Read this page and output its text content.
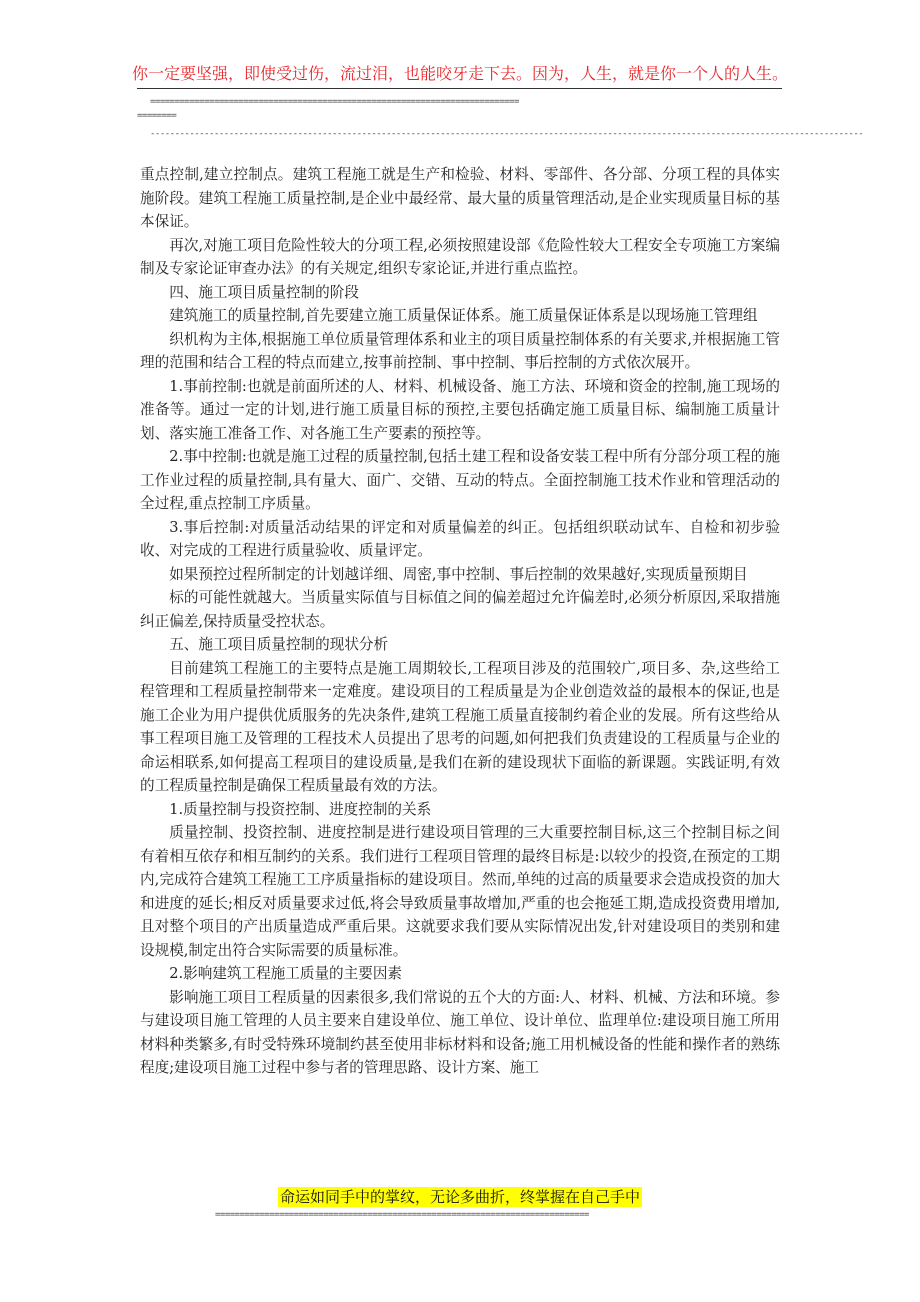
你一定要坚强，即使受过伤，流过泪，也能咬牙走下去。因为，人生，就是你一个人的人生。
===========================================================================
========
-------------------------------------------------------------------------------------------------------------------------------------------------

重点控制,建立控制点。建筑工程施工就是生产和检验、材料、零部件、各分部、分项工程的具体实施阶段。建筑工程施工质量控制,是企业中最经常、最大量的质量管理活动,是企业实现质量目标的基本保证。

再次,对施工项目危险性较大的分项工程,必须按照建设部《危险性较大工程安全专项施工方案编制及专家论证审查办法》的有关规定,组织专家论证,并进行重点监控。

四、施工项目质量控制的阶段

建筑施工的质量控制,首先要建立施工质量保证体系。施工质量保证体系是以现场施工管理组

织机构为主体,根据施工单位质量管理体系和业主的项目质量控制体系的有关要求,并根据施工管理的范围和结合工程的特点而建立,按事前控制、事中控制、事后控制的方式依次展开。

1.事前控制:也就是前面所述的人、材料、机械设备、施工方法、环境和资金的控制,施工现场的准备等。通过一定的计划,进行施工质量目标的预控,主要包括确定施工质量目标、编制施工质量计划、落实施工准备工作、对各施工生产要素的预控等。

2.事中控制:也就是施工过程的质量控制,包括土建工程和设备安装工程中所有分部分项工程的施工作业过程的质量控制,具有量大、面广、交错、互动的特点。全面控制施工技术作业和管理活动的全过程,重点控制工序质量。

3.事后控制:对质量活动结果的评定和对质量偏差的纠正。包括组织联动试车、自检和初步验收、对完成的工程进行质量验收、质量评定。

如果预控过程所制定的计划越详细、周密,事中控制、事后控制的效果越好,实现质量预期目

标的可能性就越大。当质量实际值与目标值之间的偏差超过允许偏差时,必须分析原因,采取措施纠正偏差,保持质量受控状态。

五、施工项目质量控制的现状分析

目前建筑工程施工的主要特点是施工周期较长,工程项目涉及的范围较广,项目多、杂,这些给工程管理和工程质量控制带来一定难度。建设项目的工程质量是为企业创造效益的最根本的保证,也是施工企业为用户提供优质服务的先决条件,建筑工程施工质量直接制约着企业的发展。所有这些给从事工程项目施工及管理的工程技术人员提出了思考的问题,如何把我们负责建设的工程质量与企业的命运相联系,如何提高工程项目的建设质量,是我们在新的建设现状下面临的新课题。实践证明,有效的工程质量控制是确保工程质量最有效的方法。

1.质量控制与投资控制、进度控制的关系

质量控制、投资控制、进度控制是进行建设项目管理的三大重要控制目标,这三个控制目标之间有着相互依存和相互制约的关系。我们进行工程项目管理的最终目标是:以较少的投资,在预定的工期内,完成符合建筑工程施工工序质量指标的建设项目。然而,单纯的过高的质量要求会造成投资的加大和进度的延长;相反对质量要求过低,将会导致质量事故增加,严重的也会拖延工期,造成投资费用增加,且对整个项目的产出质量造成严重后果。这就要求我们要从实际情况出发,针对建设项目的类别和建设规模,制定出符合实际需要的质量标准。

2.影响建筑工程施工质量的主要因素

影响施工项目工程质量的因素很多,我们常说的五个大的方面:人、材料、机械、方法和环境。参与建设项目施工管理的人员主要来自建设单位、施工单位、设计单位、监理单位:建设项目施工所用材料种类繁多,有时受特殊环境制约甚至使用非标材料和设备;施工用机械设备的性能和操作者的熟练程度;建设项目施工过程中参与者的管理思路、设计方案、施工

命运如同手中的掌纹，无论多曲折，终掌握在自己手中
============================================================================
